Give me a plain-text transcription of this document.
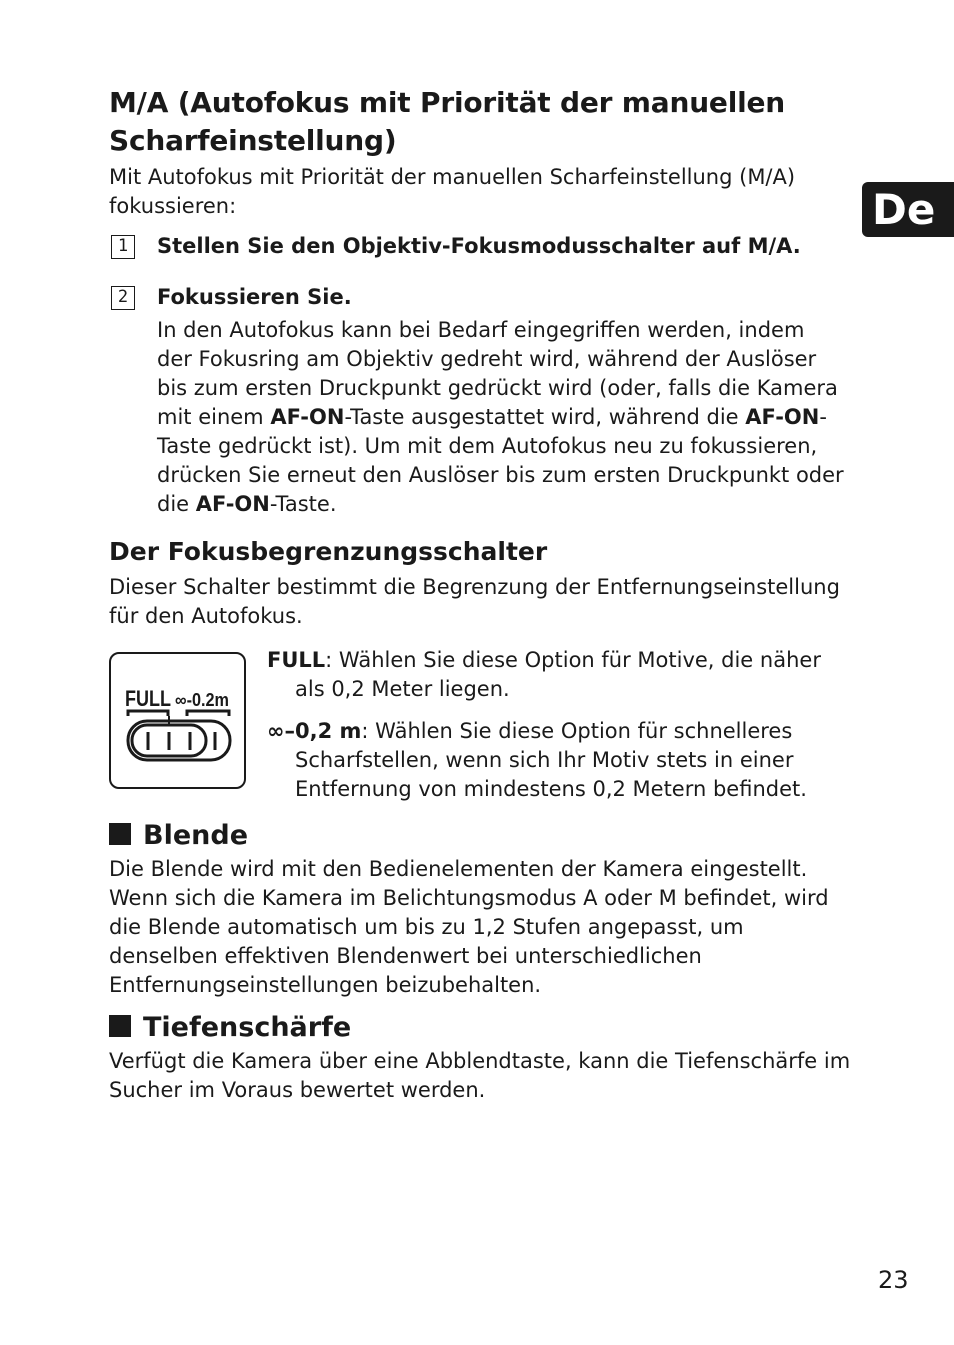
De
M/A (Autofokus mit Priorität der manuellen
Scharfeinstellung)
Mit Autofokus mit Priorität der manuellen Scharfeinstellung (M/A)
fokussieren:
1	Stellen Sie den Objektiv-Fokusmodusschalter auf M/A.
2	Fokussieren Sie.
In den Autofokus kann bei Bedarf eingegriffen werden, indem
der Fokusring am Objektiv gedreht wird, während der Auslöser
bis zum ersten Druckpunkt gedrückt wird (oder, falls die Kamera
mit einem AF-ON-Taste ausgestattet wird, während die AF-ON-
Taste gedrückt ist). Um mit dem Autofokus neu zu fokussieren,
drücken Sie erneut den Auslöser bis zum ersten Druckpunkt oder
die AF-ON-Taste.
Der Fokusbegrenzungsschalter
Dieser Schalter bestimmt die Begrenzung der Entfernungseinstellung
für den Autofokus.
FULL ∞-0.2m
FULL: Wählen Sie diese Option für Motive, die näher
als 0,2 Meter liegen.
∞–0,2 m: Wählen Sie diese Option für schnelleres
Scharfstellen, wenn sich Ihr Motiv stets in einer
Entfernung von mindestens 0,2 Metern befindet.
Blende
Die Blende wird mit den Bedienelementen der Kamera eingestellt.
Wenn sich die Kamera im Belichtungsmodus A oder M befindet, wird
die Blende automatisch um bis zu 1,2 Stufen angepasst, um
denselben effektiven Blendenwert bei unterschiedlichen
Entfernungseinstellungen beizubehalten.
Tiefenschärfe
Verfügt die Kamera über eine Abblendtaste, kann die Tiefenschärfe im
Sucher im Voraus bewertet werden.
23
